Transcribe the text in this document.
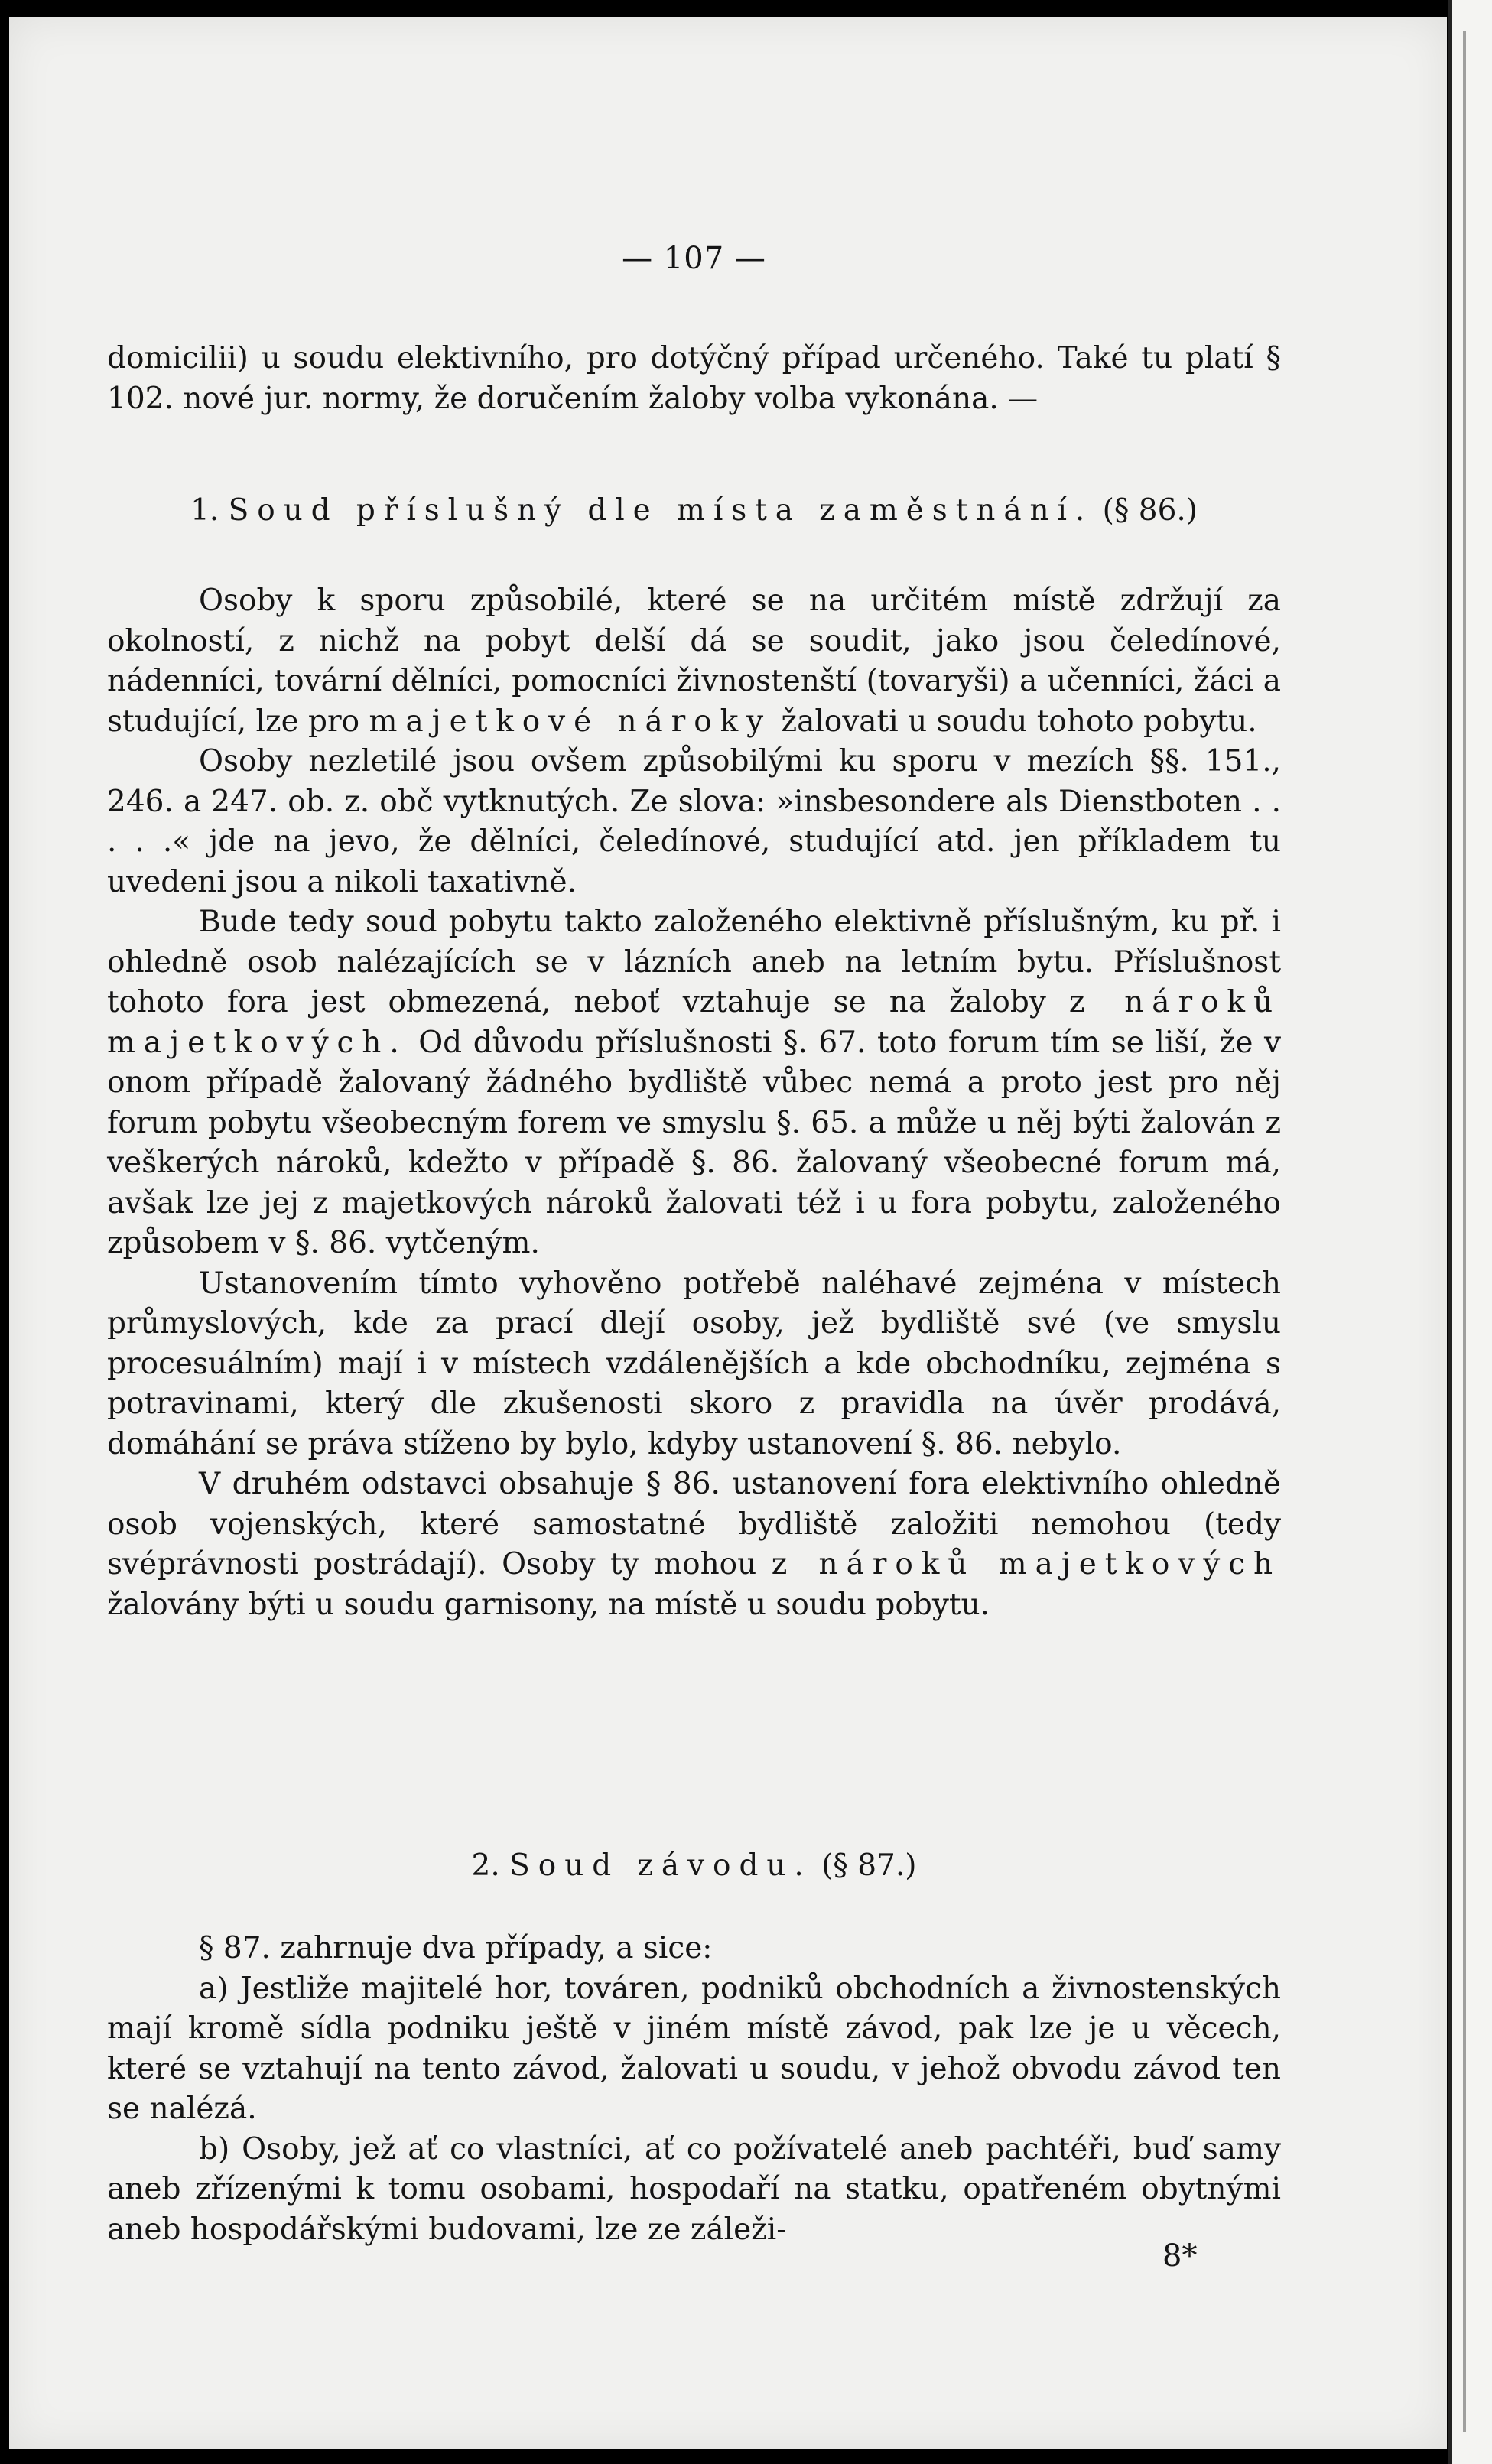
— 107 —

domicilii) u soudu elektivního, pro dotýčný případ určeného. Také tu platí § 102. nové jur. normy, že doručením žaloby volba vykonána. —

1. Soud příslušný dle místa zaměstnání. (§ 86.)

Osoby k sporu způsobilé, které se na určitém místě zdržují za okolností, z nichž na pobyt delší dá se soudit, jako jsou čeledínové, nádenníci, tovární dělníci, pomocníci živnostenští (tovaryši) a učenníci, žáci a studující, lze pro majetkové nároky žalovati u soudu tohoto pobytu.

Osoby nezletilé jsou ovšem způsobilými ku sporu v mezích §§. 151., 246. a 247. ob. z. obč vytknutých. Ze slova: »insbesondere als Dienstboten . . . . .« jde na jevo, že dělníci, čeledínové, studující atd. jen příkladem tu uvedeni jsou a nikoli taxativně.

Bude tedy soud pobytu takto založeného elektivně příslušným, ku př. i ohledně osob nalézajících se v lázních aneb na letním bytu. Příslušnost tohoto fora jest obmezená, neboť vztahuje se na žaloby z nároků majetkových. Od důvodu příslušnosti §. 67. toto forum tím se liší, že v onom případě žalovaný žádného bydliště vůbec nemá a proto jest pro něj forum pobytu všeobecným forem ve smyslu §. 65. a může u něj býti žalován z veškerých nároků, kdežto v případě §. 86. žalovaný všeobecné forum má, avšak lze jej z majetkových nároků žalovati též i u fora pobytu, založeného způsobem v §. 86. vytčeným.

Ustanovením tímto vyhověno potřebě naléhavé zejména v místech průmyslových, kde za prací dlejí osoby, jež bydliště své (ve smyslu procesuálním) mají i v místech vzdálenějších a kde obchodníku, zejména s potravinami, který dle zkušenosti skoro z pravidla na úvěr prodává, domáhání se práva stíženo by bylo, kdyby ustanovení §. 86. nebylo.

V druhém odstavci obsahuje § 86. ustanovení fora elektivního ohledně osob vojenských, které samostatné bydliště založiti nemohou (tedy svéprávnosti postrádají). Osoby ty mohou z nároků majetkových žalovány býti u soudu garnisony, na místě u soudu pobytu.

2. Soud závodu. (§ 87.)

§ 87. zahrnuje dva případy, a sice:

a) Jestliže majitelé hor, továren, podniků obchodních a živnostenských mají kromě sídla podniku ještě v jiném místě závod, pak lze je u věcech, které se vztahují na tento závod, žalovati u soudu, v jehož obvodu závod ten se nalézá.

b) Osoby, jež ať co vlastníci, ať co požívatelé aneb pachtéři, buď samy aneb zřízenými k tomu osobami, hospodaří na statku, opatřeném obytnými aneb hospodářskými budovami, lze ze záleži-

8*
